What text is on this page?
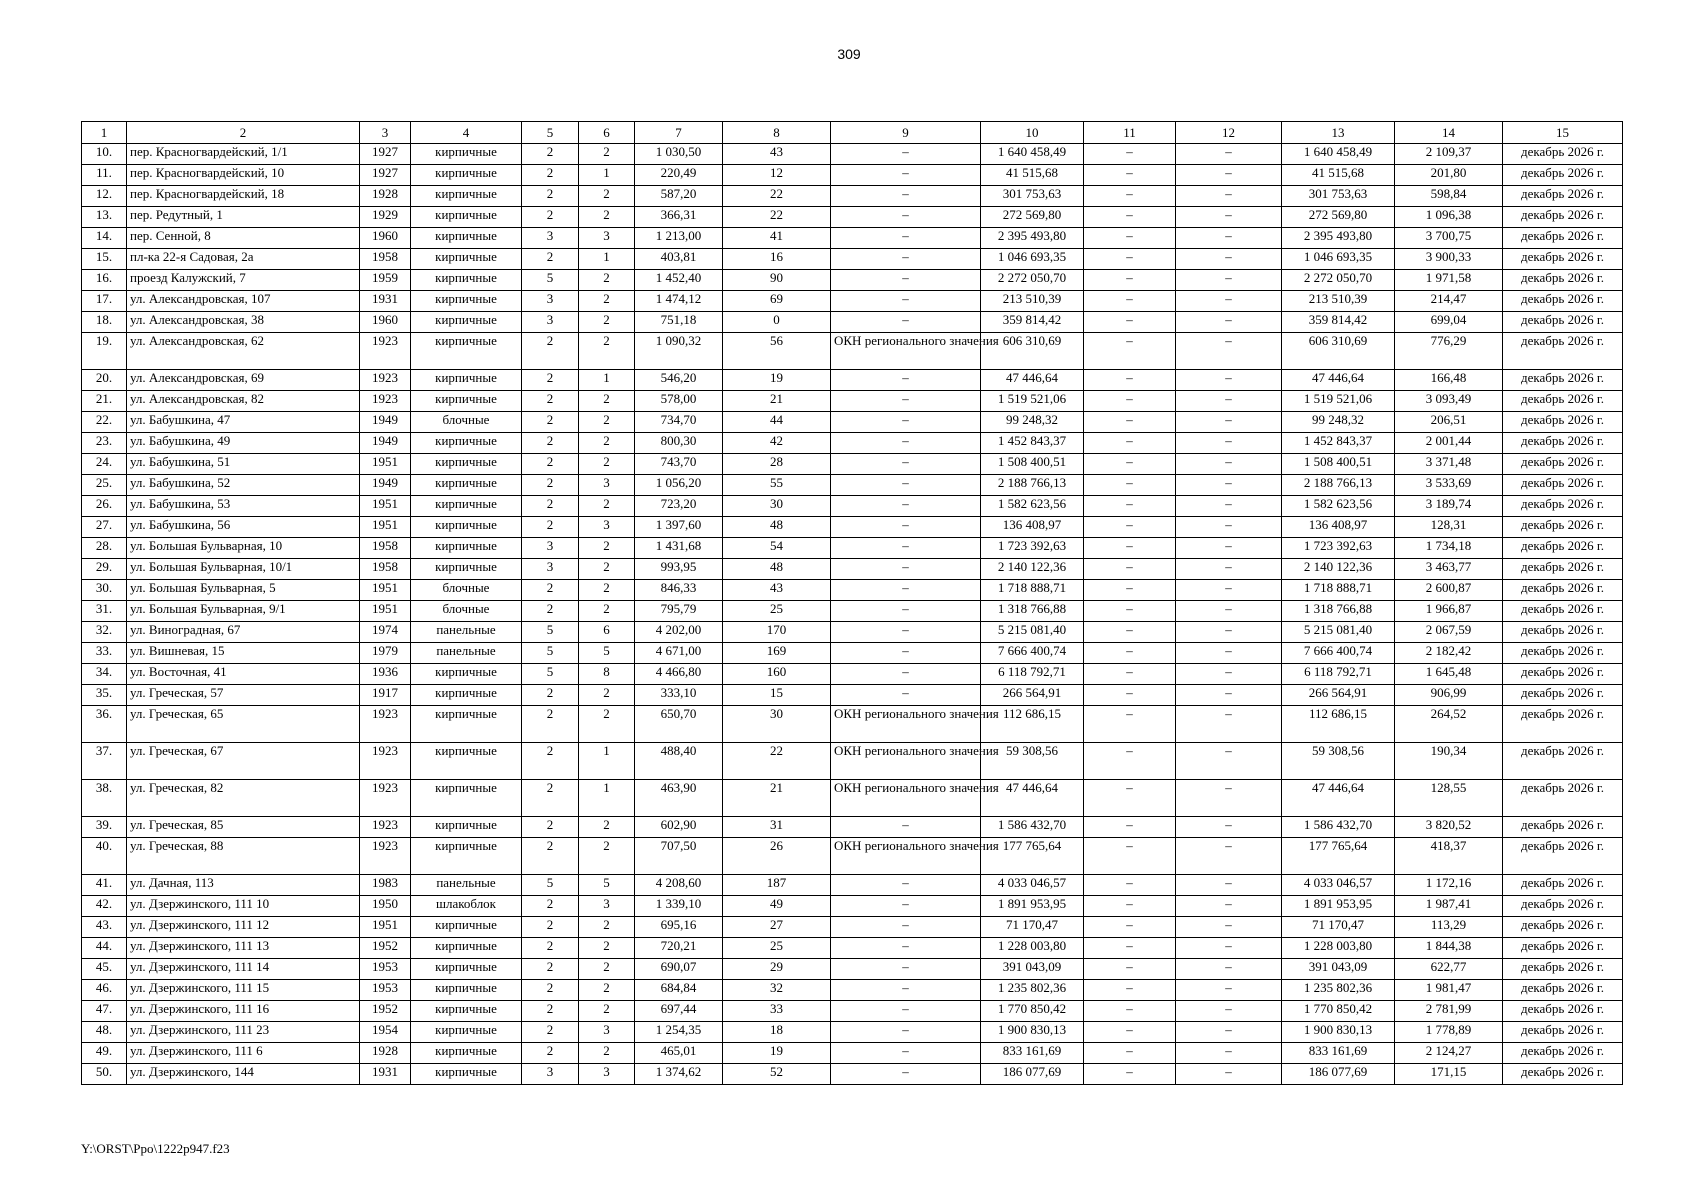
309
1	2	3	4	5	6	7	8	9	10	11	12	13	14	15
10.	пер. Красногвардейский, 1/1	1927	кирпичные	2	2	1 030,50	43	–	1 640 458,49	–	–	1 640 458,49	2 109,37	декабрь 2026 г.
11.	пер. Красногвардейский, 10	1927	кирпичные	2	1	220,49	12	–	41 515,68	–	–	41 515,68	201,80	декабрь 2026 г.
12.	пер. Красногвардейский, 18	1928	кирпичные	2	2	587,20	22	–	301 753,63	–	–	301 753,63	598,84	декабрь 2026 г.
13.	пер. Редутный, 1	1929	кирпичные	2	2	366,31	22	–	272 569,80	–	–	272 569,80	1 096,38	декабрь 2026 г.
14.	пер. Сенной, 8	1960	кирпичные	3	3	1 213,00	41	–	2 395 493,80	–	–	2 395 493,80	3 700,75	декабрь 2026 г.
15.	пл-ка 22-я Садовая, 2а	1958	кирпичные	2	1	403,81	16	–	1 046 693,35	–	–	1 046 693,35	3 900,33	декабрь 2026 г.
16.	проезд Калужский, 7	1959	кирпичные	5	2	1 452,40	90	–	2 272 050,70	–	–	2 272 050,70	1 971,58	декабрь 2026 г.
17.	ул. Александровская, 107	1931	кирпичные	3	2	1 474,12	69	–	213 510,39	–	–	213 510,39	214,47	декабрь 2026 г.
18.	ул. Александровская, 38	1960	кирпичные	3	2	751,18	0	–	359 814,42	–	–	359 814,42	699,04	декабрь 2026 г.
19.	ул. Александровская, 62	1923	кирпичные	2	2	1 090,32	56	ОКН регионального значения	606 310,69	–	–	606 310,69	776,29	декабрь 2026 г.
20.	ул. Александровская, 69	1923	кирпичные	2	1	546,20	19	–	47 446,64	–	–	47 446,64	166,48	декабрь 2026 г.
21.	ул. Александровская, 82	1923	кирпичные	2	2	578,00	21	–	1 519 521,06	–	–	1 519 521,06	3 093,49	декабрь 2026 г.
22.	ул. Бабушкина, 47	1949	блочные	2	2	734,70	44	–	99 248,32	–	–	99 248,32	206,51	декабрь 2026 г.
23.	ул. Бабушкина, 49	1949	кирпичные	2	2	800,30	42	–	1 452 843,37	–	–	1 452 843,37	2 001,44	декабрь 2026 г.
24.	ул. Бабушкина, 51	1951	кирпичные	2	2	743,70	28	–	1 508 400,51	–	–	1 508 400,51	3 371,48	декабрь 2026 г.
25.	ул. Бабушкина, 52	1949	кирпичные	2	3	1 056,20	55	–	2 188 766,13	–	–	2 188 766,13	3 533,69	декабрь 2026 г.
26.	ул. Бабушкина, 53	1951	кирпичные	2	2	723,20	30	–	1 582 623,56	–	–	1 582 623,56	3 189,74	декабрь 2026 г.
27.	ул. Бабушкина, 56	1951	кирпичные	2	3	1 397,60	48	–	136 408,97	–	–	136 408,97	128,31	декабрь 2026 г.
28.	ул. Большая Бульварная, 10	1958	кирпичные	3	2	1 431,68	54	–	1 723 392,63	–	–	1 723 392,63	1 734,18	декабрь 2026 г.
29.	ул. Большая Бульварная, 10/1	1958	кирпичные	3	2	993,95	48	–	2 140 122,36	–	–	2 140 122,36	3 463,77	декабрь 2026 г.
30.	ул. Большая Бульварная, 5	1951	блочные	2	2	846,33	43	–	1 718 888,71	–	–	1 718 888,71	2 600,87	декабрь 2026 г.
31.	ул. Большая Бульварная, 9/1	1951	блочные	2	2	795,79	25	–	1 318 766,88	–	–	1 318 766,88	1 966,87	декабрь 2026 г.
32.	ул. Виноградная, 67	1974	панельные	5	6	4 202,00	170	–	5 215 081,40	–	–	5 215 081,40	2 067,59	декабрь 2026 г.
33.	ул. Вишневая, 15	1979	панельные	5	5	4 671,00	169	–	7 666 400,74	–	–	7 666 400,74	2 182,42	декабрь 2026 г.
34.	ул. Восточная, 41	1936	кирпичные	5	8	4 466,80	160	–	6 118 792,71	–	–	6 118 792,71	1 645,48	декабрь 2026 г.
35.	ул. Греческая, 57	1917	кирпичные	2	2	333,10	15	–	266 564,91	–	–	266 564,91	906,99	декабрь 2026 г.
36.	ул. Греческая, 65	1923	кирпичные	2	2	650,70	30	ОКН регионального значения	112 686,15	–	–	112 686,15	264,52	декабрь 2026 г.
37.	ул. Греческая, 67	1923	кирпичные	2	1	488,40	22	ОКН регионального значения	59 308,56	–	–	59 308,56	190,34	декабрь 2026 г.
38.	ул. Греческая, 82	1923	кирпичные	2	1	463,90	21	ОКН регионального значения	47 446,64	–	–	47 446,64	128,55	декабрь 2026 г.
39.	ул. Греческая, 85	1923	кирпичные	2	2	602,90	31	–	1 586 432,70	–	–	1 586 432,70	3 820,52	декабрь 2026 г.
40.	ул. Греческая, 88	1923	кирпичные	2	2	707,50	26	ОКН регионального значения	177 765,64	–	–	177 765,64	418,37	декабрь 2026 г.
41.	ул. Дачная, 113	1983	панельные	5	5	4 208,60	187	–	4 033 046,57	–	–	4 033 046,57	1 172,16	декабрь 2026 г.
42.	ул. Дзержинского, 111 10	1950	шлакоблок	2	3	1 339,10	49	–	1 891 953,95	–	–	1 891 953,95	1 987,41	декабрь 2026 г.
43.	ул. Дзержинского, 111 12	1951	кирпичные	2	2	695,16	27	–	71 170,47	–	–	71 170,47	113,29	декабрь 2026 г.
44.	ул. Дзержинского, 111 13	1952	кирпичные	2	2	720,21	25	–	1 228 003,80	–	–	1 228 003,80	1 844,38	декабрь 2026 г.
45.	ул. Дзержинского, 111 14	1953	кирпичные	2	2	690,07	29	–	391 043,09	–	–	391 043,09	622,77	декабрь 2026 г.
46.	ул. Дзержинского, 111 15	1953	кирпичные	2	2	684,84	32	–	1 235 802,36	–	–	1 235 802,36	1 981,47	декабрь 2026 г.
47.	ул. Дзержинского, 111 16	1952	кирпичные	2	2	697,44	33	–	1 770 850,42	–	–	1 770 850,42	2 781,99	декабрь 2026 г.
48.	ул. Дзержинского, 111 23	1954	кирпичные	2	3	1 254,35	18	–	1 900 830,13	–	–	1 900 830,13	1 778,89	декабрь 2026 г.
49.	ул. Дзержинского, 111 6	1928	кирпичные	2	2	465,01	19	–	833 161,69	–	–	833 161,69	2 124,27	декабрь 2026 г.
50.	ул. Дзержинского, 144	1931	кирпичные	3	3	1 374,62	52	–	186 077,69	–	–	186 077,69	171,15	декабрь 2026 г.
Y:\ORST\Ppo\1222p947.f23
